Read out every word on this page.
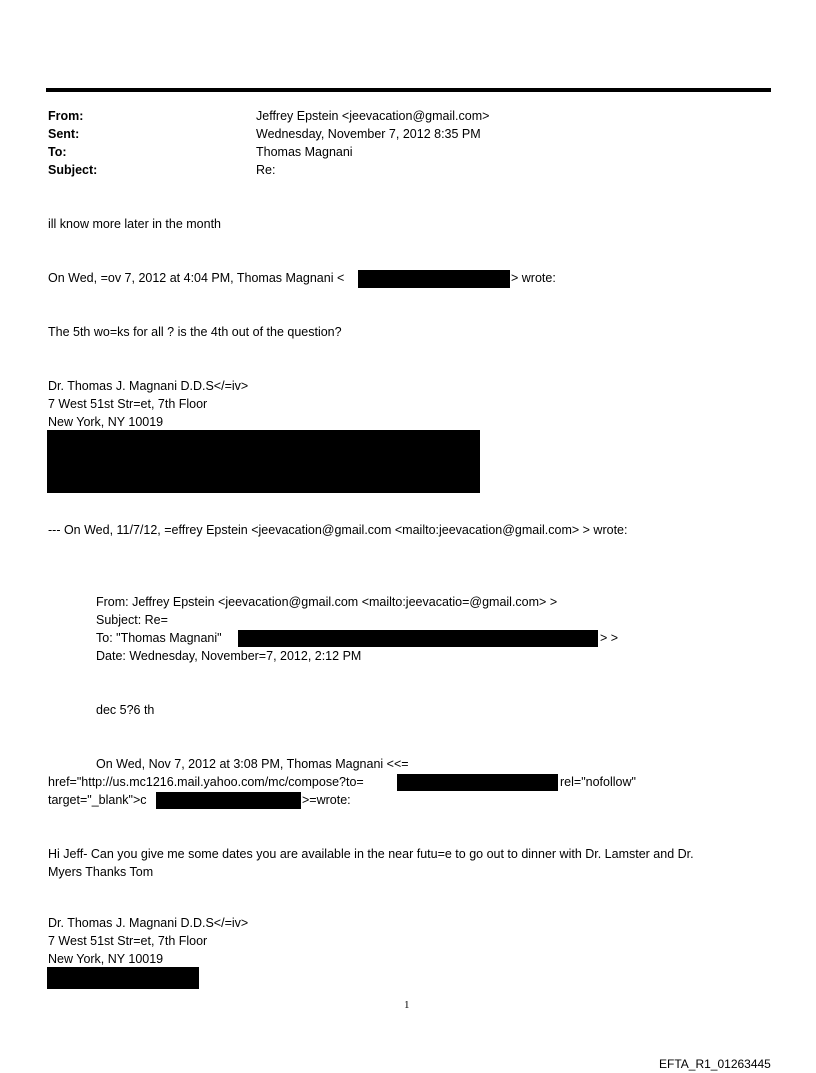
From:	Jeffrey Epstein <jeevacation@gmail.com>
Sent:	Wednesday, November 7, 2012 8:35 PM
To:	Thomas Magnani
Subject:	Re:
ill know more later in the month
On Wed, =ov 7, 2012 at 4:04 PM, Thomas Magnani <	> wrote:
The 5th wo=ks for all ? is the 4th out of the question?
Dr. Thomas J. Magnani D.D.S</=iv>
7 West 51st Str=et, 7th Floor
New York, NY 10019
--- On Wed, 11/7/12, =effrey Epstein <jeevacation@gmail.com <mailto:jeevacation@gmail.com> > wrote:
From: Jeffrey Epstein <jeevacation@gmail.com <mailto:jeevacatio=@gmail.com> >
Subject: Re=
To: "Thomas Magnani"	> >
Date: Wednesday, November=7, 2012, 2:12 PM
dec 5?6 th
On Wed, Nov 7, 2012 at 3:08 PM, Thomas Magnani <<=
href="http://us.mc1216.mail.yahoo.com/mc/compose?to=	rel="nofollow"
target="_blank">c	>=wrote:
Hi Jeff- Can you give me some dates you are available in the near futu=e to go out to dinner with Dr. Lamster and Dr.
Myers Thanks Tom
Dr. Thomas J. Magnani D.D.S</=iv>
7 West 51st Str=et, 7th Floor
New York, NY 10019
1
EFTA_R1_01263445
